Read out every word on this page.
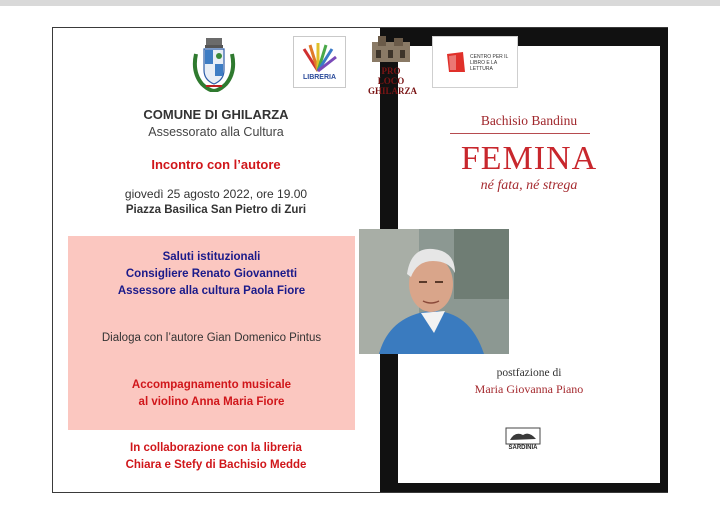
LIBRERIA
PRO LOCO GHILARZA
CENTRO PER IL LIBRO E LA LETTURA
COMUNE DI GHILARZA
Assessorato alla Cultura
Incontro con l’autore
giovedì 25 agosto 2022, ore 19.00
Piazza Basilica San Pietro di Zuri
Saluti istituzionali
Consigliere Renato Giovannetti
Assessore alla cultura Paola Fiore
Dialoga con l’autore Gian Domenico Pintus
Accompagnamento musicale
al violino Anna Maria Fiore
In collaborazione con la libreria
Chiara e Stefy di Bachisio Medde
Bachisio Bandinu
FEMINA
né fata, né strega
postfazione di
Maria Giovanna Piano
SARDINIA
